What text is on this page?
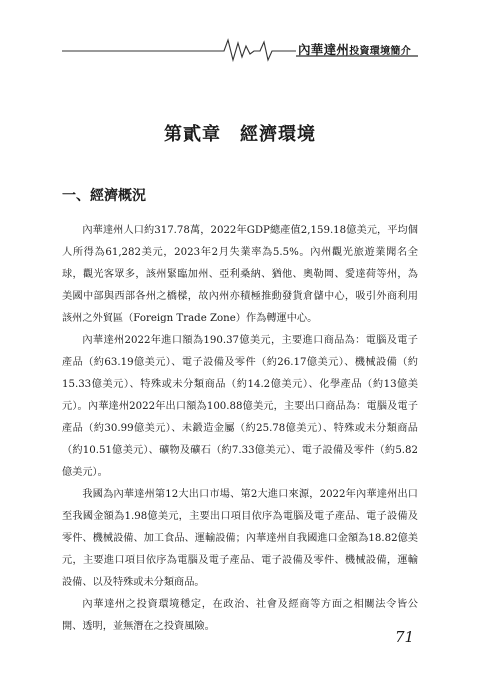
內華達州投資環境簡介
第貳章　經濟環境
一、經濟概況

內華達州人口約317.78萬，2022年GDP總產值2,159.18億美元，平均個人所得為61,282美元，2023年2月失業率為5.5%。內州觀光旅遊業聞名全球，觀光客眾多，該州緊臨加州、亞利桑納、猶他、奧勒岡、愛達荷等州，為美國中部與西部各州之橋樑，故內州亦積極推動發貨倉儲中心，吸引外商利用該州之外貿區（Foreign Trade Zone）作為轉運中心。

內華達州2022年進口額為190.37億美元，主要進口商品為：電腦及電子產品（約63.19億美元）、電子設備及零件（約26.17億美元）、機械設備（約15.33億美元）、特殊或未分類商品（約14.2億美元）、化學產品（約13億美元）。內華達州2022年出口額為100.88億美元，主要出口商品為：電腦及電子產品（約30.99億美元）、未鍛造金屬（約25.78億美元）、特殊或未分類商品（約10.51億美元）、礦物及礦石（約7.33億美元）、電子設備及零件（約5.82億美元）。

我國為內華達州第12大出口市場、第2大進口來源，2022年內華達州出口至我國金額為1.98億美元，主要出口項目依序為電腦及電子產品、電子設備及零件、機械設備、加工食品、運輸設備；內華達州自我國進口金額為18.82億美元，主要進口項目依序為電腦及電子產品、電子設備及零件、機械設備，運輸設備、以及特殊或未分類商品。

內華達州之投資環境穩定，在政治、社會及經商等方面之相關法令皆公開、透明，並無潛在之投資風險。

71
